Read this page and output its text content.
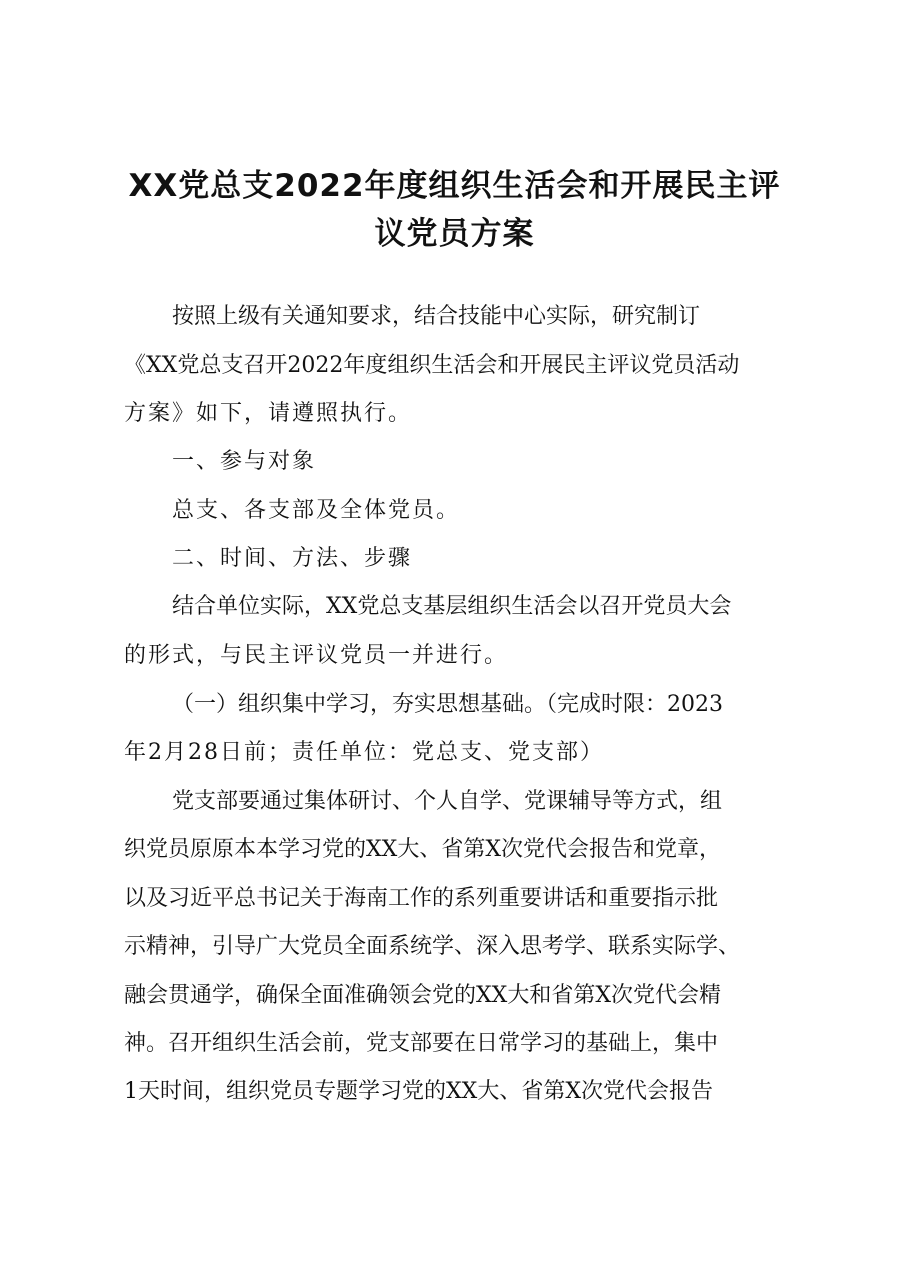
XX党总支2022年度组织生活会和开展民主评
议党员方案
按照上级有关通知要求，结合技能中心实际，研究制订
《XX党总支召开2022年度组织生活会和开展民主评议党员活动
方案》如下，请遵照执行。
一、参与对象
总支、各支部及全体党员。
二、时间、方法、步骤
结合单位实际，XX党总支基层组织生活会以召开党员大会
的形式，与民主评议党员一并进行。
（一）组织集中学习，夯实思想基础。（完成时限：2023
年2月28日前；责任单位：党总支、党支部）
党支部要通过集体研讨、个人自学、党课辅导等方式，组
织党员原原本本学习党的XX大、省第X次党代会报告和党章，
以及习近平总书记关于海南工作的系列重要讲话和重要指示批
示精神，引导广大党员全面系统学、深入思考学、联系实际学、
融会贯通学，确保全面准确领会党的XX大和省第X次党代会精
神。召开组织生活会前，党支部要在日常学习的基础上，集中
1天时间，组织党员专题学习党的XX大、省第X次党代会报告
